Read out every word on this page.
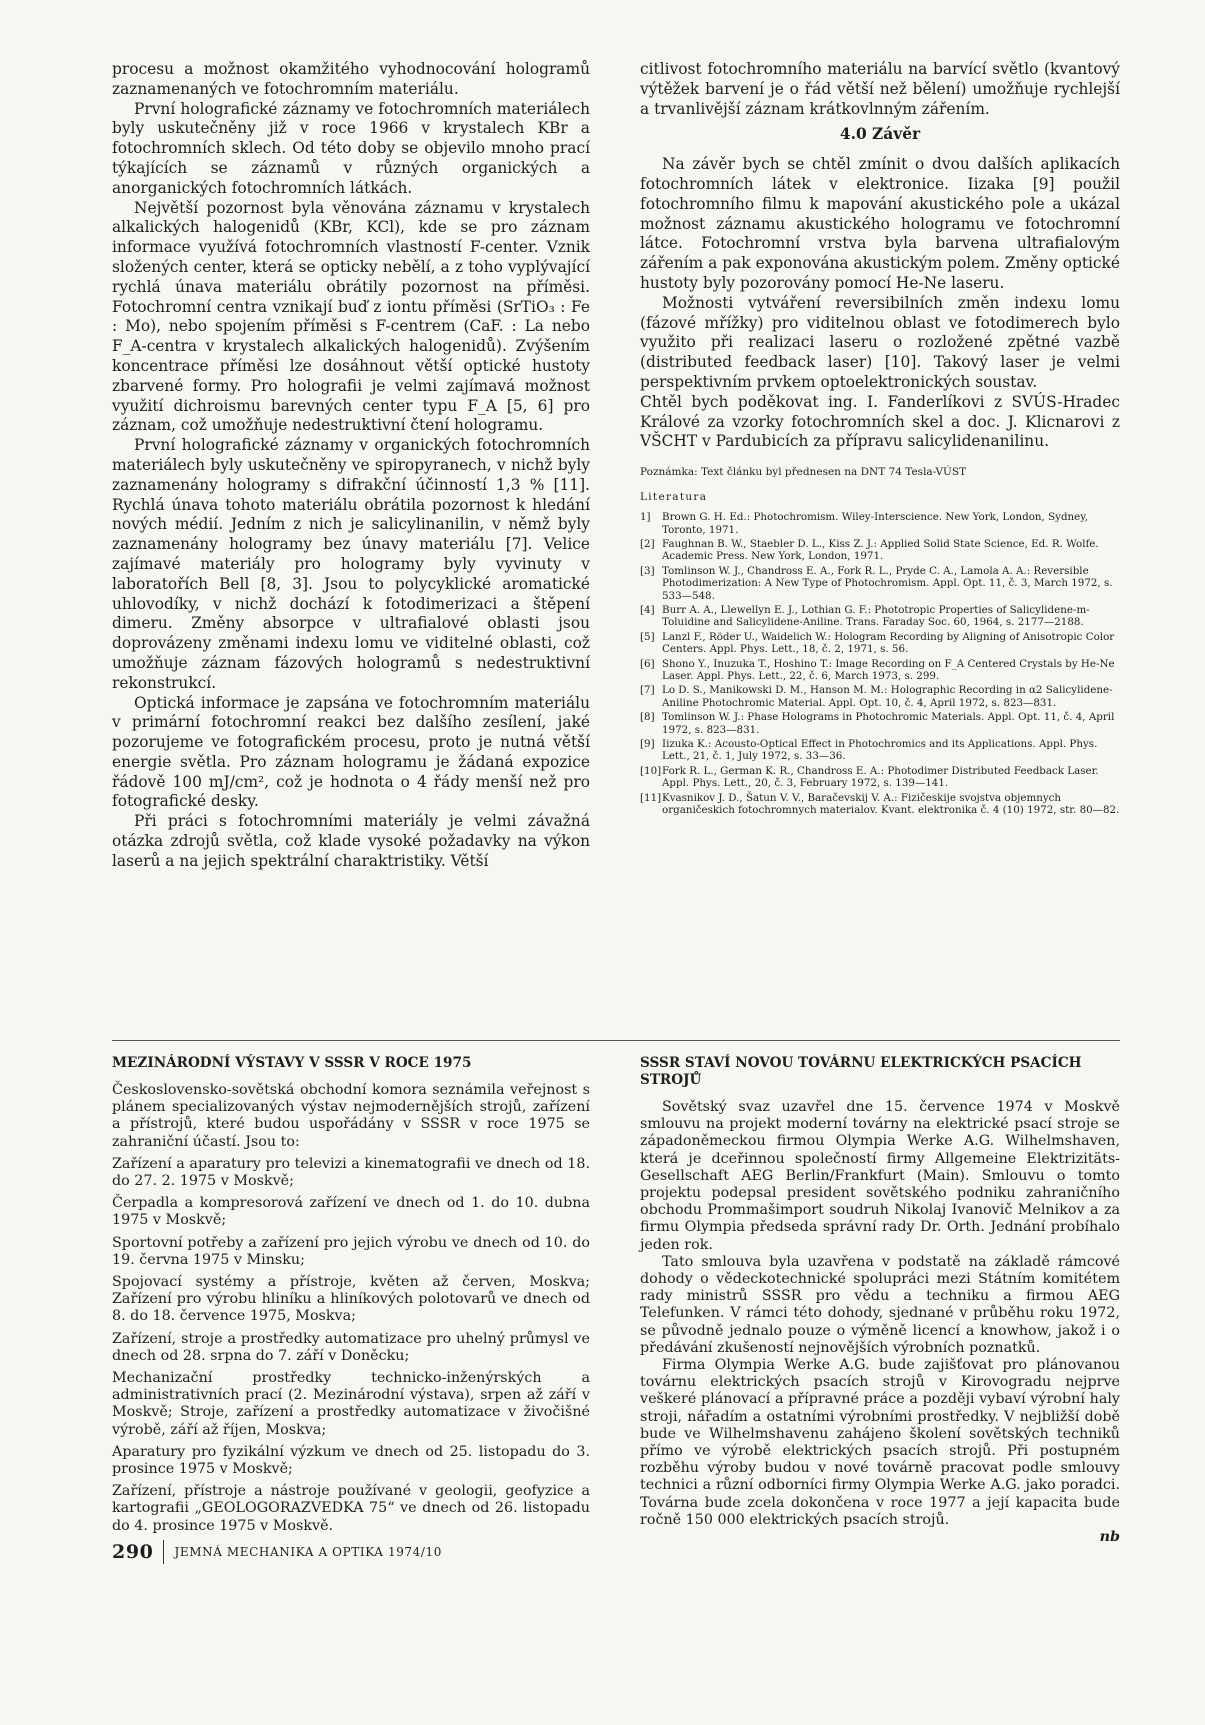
procesu a možnost okamžitého vyhodnocování hologramů zaznamenaných ve fotochromním materiálu.

První holografické záznamy ve fotochromních materiálech byly uskutečněny již v roce 1966 v krystalech KBr a fotochromních sklech. Od této doby se objevilo mnoho prací týkajících se záznamů v různých organických a anorganických fotochromních látkách.

Největší pozornost byla věnována záznamu v krystalech alkalických halogenidů (KBr, KCl), kde se pro záznam informace využívá fotochromních vlastností F-center. Vznik složených center, která se opticky nebělí, a z toho vyplývající rychlá únava materiálu obrátily pozornost na příměsi. Fotochromní centra vznikají buď z iontu příměsi (SrTiO₃ : Fe : Mo), nebo spojením příměsi s F-centrem (CaF. : La nebo F_A-centra v krystalech alkalických halogenidů). Zvýšením koncentrace příměsi lze dosáhnout větší optické hustoty zbarvené formy. Pro holografii je velmi zajímavá možnost využití dichroismu barevných center typu F_A [5, 6] pro záznam, což umožňuje nedestruktivní čtení hologramu.

První holografické záznamy v organických fotochromních materiálech byly uskutečněny ve spiropyranech, v nichž byly zaznamenány hologramy s difrakční účinností 1,3 % [11]. Rychlá únava tohoto materiálu obrátila pozornost k hledání nových médií. Jedním z nich je salicylinanilin, v němž byly zaznamenány hologramy bez únavy materiálu [7]. Velice zajímavé materiály pro hologramy byly vyvinuty v laboratořích Bell [8, 3]. Jsou to polycyklické aromatické uhlovodíky, v nichž dochází k fotodimerizaci a štěpení dimeru. Změny absorpce v ultrafialové oblasti jsou doprovázeny změnami indexu lomu ve viditelné oblasti, což umožňuje záznam fázových hologramů s nedestruktivní rekonstrukcí.

Optická informace je zapsána ve fotochromním materiálu v primární fotochromní reakci bez dalšího zesílení, jaké pozorujeme ve fotografickém procesu, proto je nutná větší energie světla. Pro záznam hologramu je žádaná expozice řádově 100 mJ/cm², což je hodnota o 4 řády menší než pro fotografické desky.

Při práci s fotochromními materiály je velmi závažná otázka zdrojů světla, což klade vysoké požadavky na výkon laserů a na jejich spektrální charaktristiky. Větší

citlivost fotochromního materiálu na barvící světlo (kvantový výtěžek barvení je o řád větší než bělení) umožňuje rychlejší a trvanlivější záznam krátkovlnným zářením.

4.0 Závěr

Na závěr bych se chtěl zmínit o dvou dalších aplikacích fotochromních látek v elektronice. Iizaka [9] použil fotochromního filmu k mapování akustického pole a ukázal možnost záznamu akustického hologramu ve fotochromní látce. Fotochromní vrstva byla barvena ultrafialovým zářením a pak exponována akustickým polem. Změny optické hustoty byly pozorovány pomocí He-Ne laseru.

Možnosti vytváření reversibilních změn indexu lomu (fázové mřížky) pro viditelnou oblast ve fotodimerech bylo využito při realizaci laseru o rozložené zpětné vazbě (distributed feedback laser) [10]. Takový laser je velmi perspektivním prvkem optoelektronických soustav.

Chtěl bych poděkovat ing. I. Fanderlíkovi z SVÚS-Hradec Králové za vzorky fotochromních skel a doc. J. Klicnarovi z VŠCHT v Pardubicích za přípravu salicylidenanilinu.

Poznámka: Text článku byl přednesen na DNT 74 Tesla-VÚST
Literatura
1]	Brown G. H. Ed.: Photochromism. Wiley-Interscience. New York, London, Sydney, Toronto, 1971.
[2] Faughnan B. W., Staebler D. L., Kiss Z. J.: Applied Solid State Science, Ed. R. Wolfe. Academic Press. New York, London, 1971.
[3] Tomlinson W. J., Chandross E. A., Fork R. L., Pryde C. A., Lamola A. A.: Reversible Photodimerization: A New Type of Photochromism. Appl. Opt. 11, č. 3, March 1972, s. 533—548.
[4] Burr A. A., Llewellyn E. J., Lothian G. F.: Phototropic Properties of Salicylidene-m-Toluidine and Salicylidene-Aniline. Trans. Faraday Soc. 60, 1964, s. 2177—2188.
[5] Lanzl F., Röder U., Waidelich W.: Hologram Recording by Aligning of Anisotropic Color Centers. Appl. Phys. Lett., 18, č. 2, 1971, s. 56.
[6] Shono Y., Inuzuka T., Hoshino T.: Image Recording on F_A Centered Crystals by He-Ne Laser. Appl. Phys. Lett., 22, č. 6, March 1973, s. 299.
[7] Lo D. S., Manikowski D. M., Hanson M. M.: Holographic Recording in α2 Salicylidene-Aniline Photochromic Material. Appl. Opt. 10, č. 4, April 1972, s. 823—831.
[8] Tomlinson W. J.: Phase Holograms in Photochromic Materials. Appl. Opt. 11, č. 4, April 1972, s. 823—831.
[9] Iizuka K.: Acousto-Optical Effect in Photochromics and its Applications. Appl. Phys. Lett., 21, č. 1, July 1972, s. 33—36.
[10] Fork R. L., German K. R., Chandross E. A.: Photodimer Distributed Feedback Laser. Appl. Phys. Lett., 20, č. 3, February 1972, s. 139—141.
[11] Kvasnikov J. D., Šatun V. V., Baračevskij V. A.: Fizičeskije svojstva objemnych organičeskich fotochromnych materialov. Kvant. elektronika č. 4 (10) 1972, str. 80—82.
MEZINÁRODNÍ VÝSTAVY V SSSR V ROCE 1975

Československo-sovětská obchodní komora seznámila veřejnost s plánem specializovaných výstav nejmodernějších strojů, zařízení a přístrojů, které budou uspořádány v SSSR v roce 1975 se zahraniční účastí. Jsou to:

Zařízení a aparatury pro televizi a kinematografii ve dnech od 18. do 27. 2. 1975 v Moskvě;

Čerpadla a kompresorová zařízení ve dnech od 1. do 10. dubna 1975 v Moskvě;

Sportovní potřeby a zařízení pro jejich výrobu ve dnech od 10. do 19. června 1975 v Minsku;

Spojovací systémy a přístroje, květen až červen, Moskva; Zařízení pro výrobu hliníku a hliníkových polotovarů ve dnech od 8. do 18. července 1975, Moskva;

Zařízení, stroje a prostředky automatizace pro uhelný průmysl ve dnech od 28. srpna do 7. září v Doněcku;

Mechanizační prostředky technicko-inženýrských a administrativních prací (2. Mezinárodní výstava), srpen až září v Moskvě; Stroje, zařízení a prostředky automatizace v živočišné výrobě, září až říjen, Moskva;

Aparatury pro fyzikální výzkum ve dnech od 25. listopadu do 3. prosince 1975 v Moskvě;

Zařízení, přístroje a nástroje používané v geologii, geofyzice a kartografii „GEOLOGORAZVEDKA 75“ ve dnech od 26. listopadu do 4. prosince 1975 v Moskvě.

SSSR STAVÍ NOVOU TOVÁRNU ELEKTRICKÝCH PSACÍCH STROJŮ

Sovětský svaz uzavřel dne 15. července 1974 v Moskvě smlouvu na projekt moderní továrny na elektrické psací stroje se západoněmeckou firmou Olympia Werke A.G. Wilhelmshaven, která je dceřinnou společností firmy Allgemeine Elektrizitäts-Gesellschaft AEG Berlin/Frankfurt (Main). Smlouvu o tomto projektu podepsal president sovětského podniku zahraničního obchodu Prommašimport soudruh Nikolaj Ivanovič Melnikov a za firmu Olympia předseda správní rady Dr. Orth. Jednání probíhalo jeden rok.

Tato smlouva byla uzavřena v podstatě na základě rámcové dohody o vědeckotechnické spolupráci mezi Státním komitétem rady ministrů SSSR pro vědu a techniku a firmou AEG Telefunken. V rámci této dohody, sjednané v průběhu roku 1972, se původně jednalo pouze o výměně licencí a knowhow, jakož i o předávání zkušeností nejnovějších výrobních poznatků.

Firma Olympia Werke A.G. bude zajišťovat pro plánovanou továrnu elektrických psacích strojů v Kirovogradu nejprve veškeré plánovací a přípravné práce a později vybaví výrobní haly stroji, nářadím a ostatními výrobními prostředky. V nejbližší době bude ve Wilhelmshavenu zahájeno školení sovětských techniků přímo ve výrobě elektrických psacích strojů. Při postupném rozběhu výroby budou v nové továrně pracovat podle smlouvy technici a různí odborníci firmy Olympia Werke A.G. jako poradci. Továrna bude zcela dokončena v roce 1977 a její kapacita bude ročně 150 000 elektrických psacích strojů.

nb
290 JEMNÁ MECHANIKA A OPTIKA 1974/10
